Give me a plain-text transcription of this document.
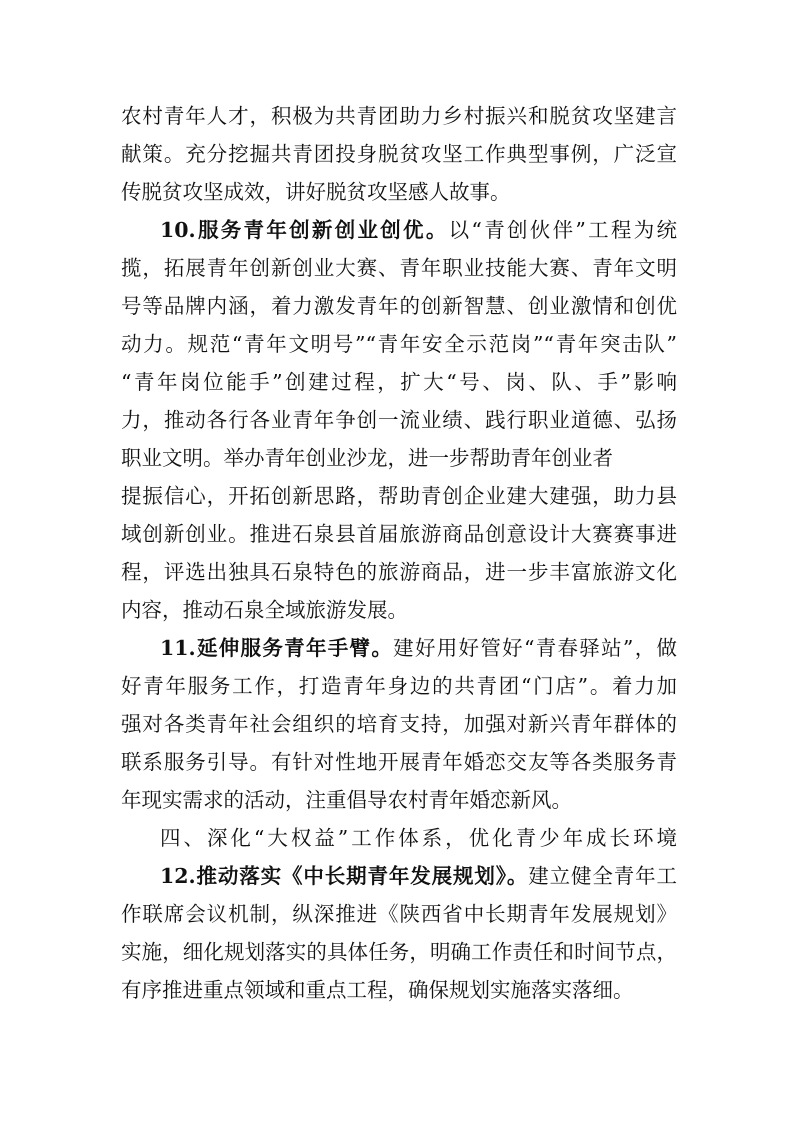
农村青年人才，积极为共青团助力乡村振兴和脱贫攻坚建言
献策。充分挖掘共青团投身脱贫攻坚工作典型事例，广泛宣
传脱贫攻坚成效，讲好脱贫攻坚感人故事。
10.服务青年创新创业创优。以“青创伙伴”工程为统
揽，拓展青年创新创业大赛、青年职业技能大赛、青年文明
号等品牌内涵，着力激发青年的创新智慧、创业激情和创优
动力。规范“青年文明号”“青年安全示范岗”“青年突击队”
“青年岗位能手”创建过程，扩大“号、岗、队、手”影响
力，推动各行各业青年争创一流业绩、践行职业道德、弘扬
职业文明。举办青年创业沙龙，进一步帮助青年创业者
提振信心，开拓创新思路，帮助青创企业建大建强，助力县
域创新创业。推进石泉县首届旅游商品创意设计大赛赛事进
程，评选出独具石泉特色的旅游商品，进一步丰富旅游文化
内容，推动石泉全域旅游发展。
11.延伸服务青年手臂。建好用好管好“青春驿站”，做
好青年服务工作，打造青年身边的共青团“门店”。着力加
强对各类青年社会组织的培育支持，加强对新兴青年群体的
联系服务引导。有针对性地开展青年婚恋交友等各类服务青
年现实需求的活动，注重倡导农村青年婚恋新风。
四、深化“大权益”工作体系，优化青少年成长环境
12.推动落实《中长期青年发展规划》。建立健全青年工
作联席会议机制，纵深推进《陕西省中长期青年发展规划》
实施，细化规划落实的具体任务，明确工作责任和时间节点，
有序推进重点领域和重点工程，确保规划实施落实落细。
